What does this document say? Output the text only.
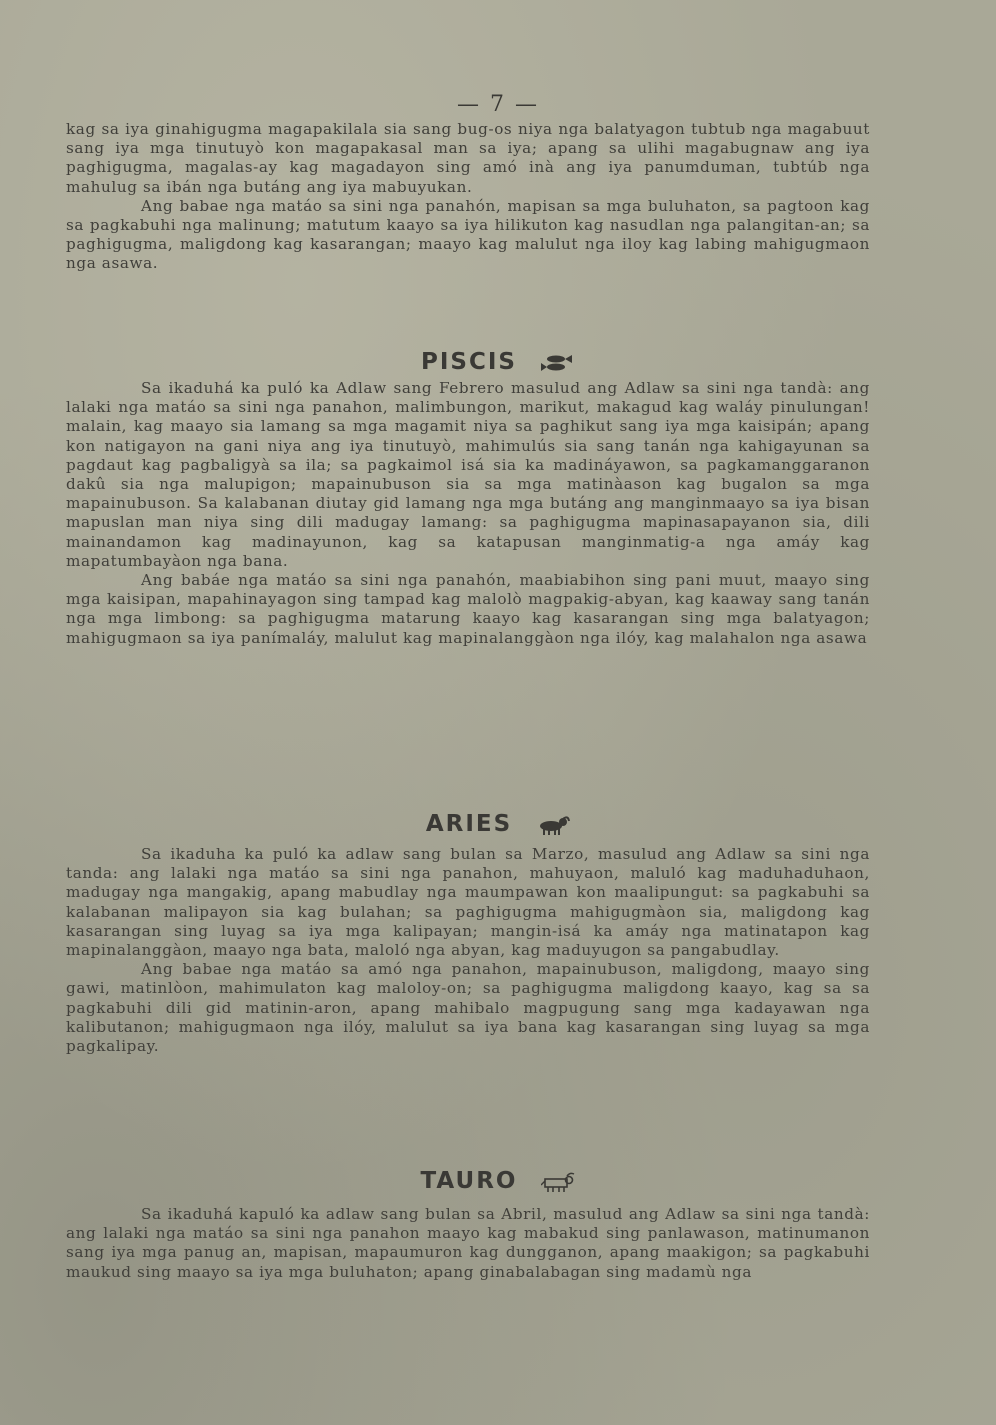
— 7 —

kag sa iya ginahigugma magapakilala sia sang bug-os niya nga balatyagon tubtub nga magabuut sang iya mga tinutuyò kon magapakasal man sa iya; apang sa ulihi magabugnaw ang iya paghigugma, magalas-ay kag magadayon sing amó inà ang iya panumduman, tubtúb nga mahulug sa ibán nga butáng ang iya mabuyukan.

Ang babae nga matáo sa sini nga panahón, mapisan sa mga buluhaton, sa pagtoon kag sa pagkabuhi nga malinung; matutum kaayo sa iya hilikuton kag nasudlan nga palangitan-an; sa paghigugma, maligdong kag kasarangan; maayo kag malulut nga iloy kag labing mahigugmaon nga asawa.

PISCIS

Sa ikaduhá ka puló ka Adlaw sang Febrero masulud ang Adlaw sa sini nga tandà: ang lalaki nga matáo sa sini nga panahon, malimbungon, marikut, makagud kag waláy pinulungan! malain, kag maayo sia lamang sa mga magamit niya sa paghikut sang iya mga kaisipán; apang kon natigayon na gani niya ang iya tinutuyò, mahimulús sia sang tanán nga kahigayunan sa pagdaut kag pagbaligyà sa ila; sa pagkaimol isá sia ka madináyawon, sa pagkamanggaranon dakû sia nga malupigon; mapainubuson sia sa mga matinàason kag bugalon sa mga mapainubuson. Sa kalabanan diutay gid lamang nga mga butáng ang manginmaayo sa iya bisan mapuslan man niya sing dili madugay lamang: sa paghigugma mapinasapayanon sia, dili mainandamon kag madinayunon, kag sa katapusan manginmatig-a nga amáy kag mapatumbayàon nga bana.

Ang babáe nga matáo sa sini nga panahón, maabiabihon sing pani muut, maayo sing mga kaisipan, mapahinayagon sing tampad kag malolò magpakig-abyan, kag kaaway sang tanán nga mga limbong: sa paghigugma matarung kaayo kag kasarangan sing mga balatyagon; mahigugmaon sa iya panímaláy, malulut kag mapinalanggàon nga ilóy, kag malahalon nga asawa

ARIES

Sa ikaduha ka puló ka adlaw sang bulan sa Marzo, masulud ang Adlaw sa sini nga tanda: ang lalaki nga matáo sa sini nga panahon, mahuyaon, maluló kag maduhaduhaon, madugay nga mangakig, apang mabudlay nga maumpawan kon maalipungut: sa pagkabuhi sa kalabanan malipayon sia kag bulahan; sa paghigugma mahigugmàon sia, maligdong kag kasarangan sing luyag sa iya mga kalipayan; mangin-isá ka amáy nga matinatapon kag mapinalanggàon, maayo nga bata, maloló nga abyan, kag maduyugon sa pangabudlay.

Ang babae nga matáo sa amó nga panahon, mapainubuson, maligdong, maayo sing gawi, matinlòon, mahimulaton kag maloloy-on; sa paghigugma maligdong kaayo, kag sa sa pagkabuhi dili gid matinin-aron, apang mahibalo magpugung sang mga kadayawan nga kalibutanon; mahigugmaon nga ilóy, malulut sa iya bana kag kasarangan sing luyag sa mga pagkalipay.

TAURO

Sa ikaduhá kapuló ka adlaw sang bulan sa Abril, masulud ang Adlaw sa sini nga tandà: ang lalaki nga matáo sa sini nga panahon maayo kag mabakud sing panlawason, matinumanon sang iya mga panug an, mapisan, mapaumuron kag dungganon, apang maakigon; sa pagkabuhi maukud sing maayo sa iya mga buluhaton; apang ginabalabagan sing madamù nga
